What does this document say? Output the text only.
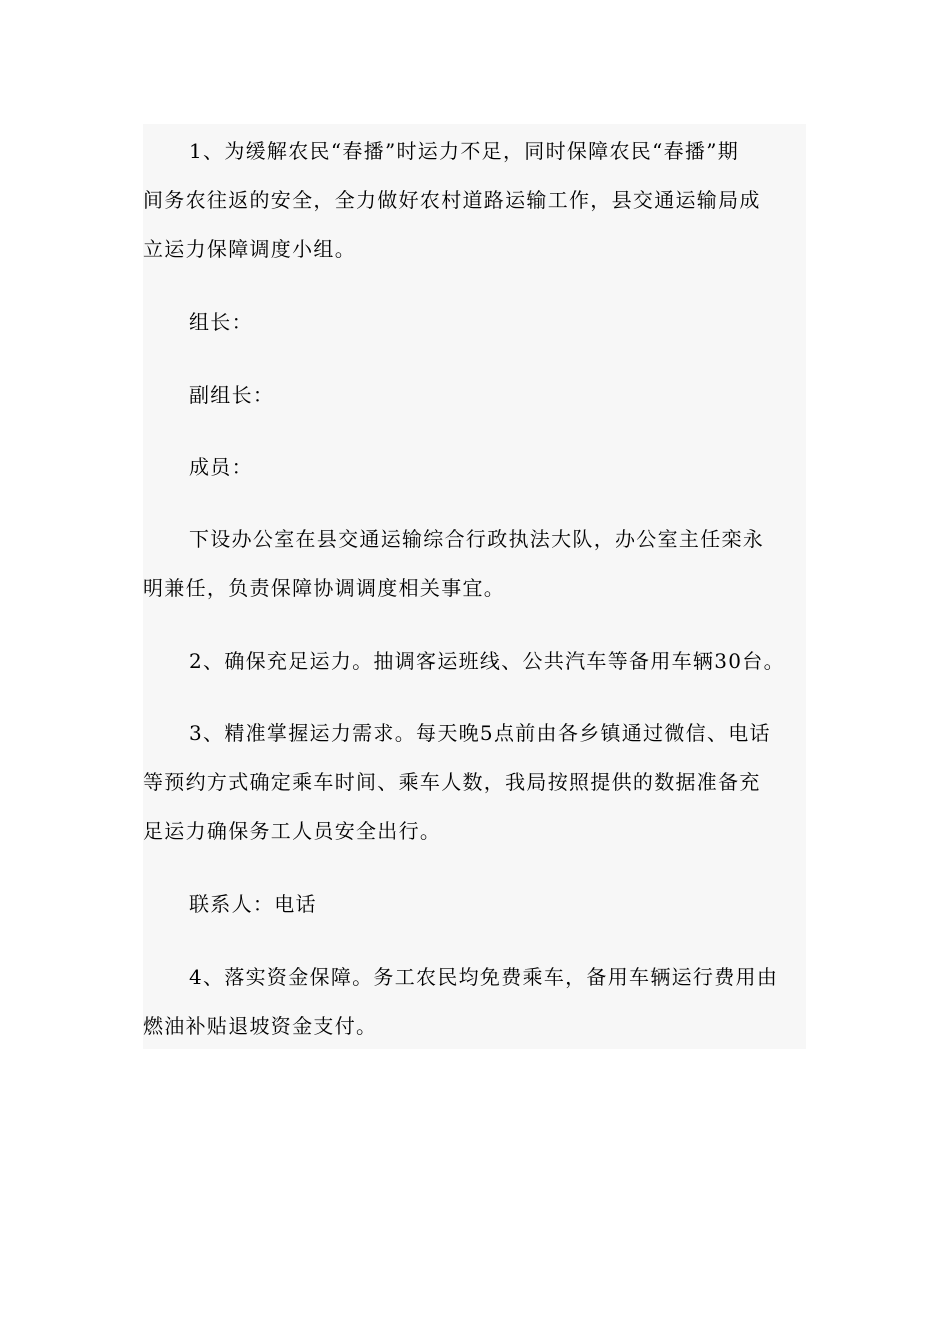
1、为缓解农民“春播”时运力不足，同时保障农民“春播”期
间务农往返的安全，全力做好农村道路运输工作，县交通运输局成
立运力保障调度小组。
组长：
副组长：
成员：
下设办公室在县交通运输综合行政执法大队，办公室主任栾永
明兼任，负责保障协调调度相关事宜。
2、确保充足运力。抽调客运班线、公共汽车等备用车辆30台。
3、精准掌握运力需求。每天晚5点前由各乡镇通过微信、电话
等预约方式确定乘车时间、乘车人数，我局按照提供的数据准备充
足运力确保务工人员安全出行。
联系人：电话
4、落实资金保障。务工农民均免费乘车，备用车辆运行费用由
燃油补贴退坡资金支付。
